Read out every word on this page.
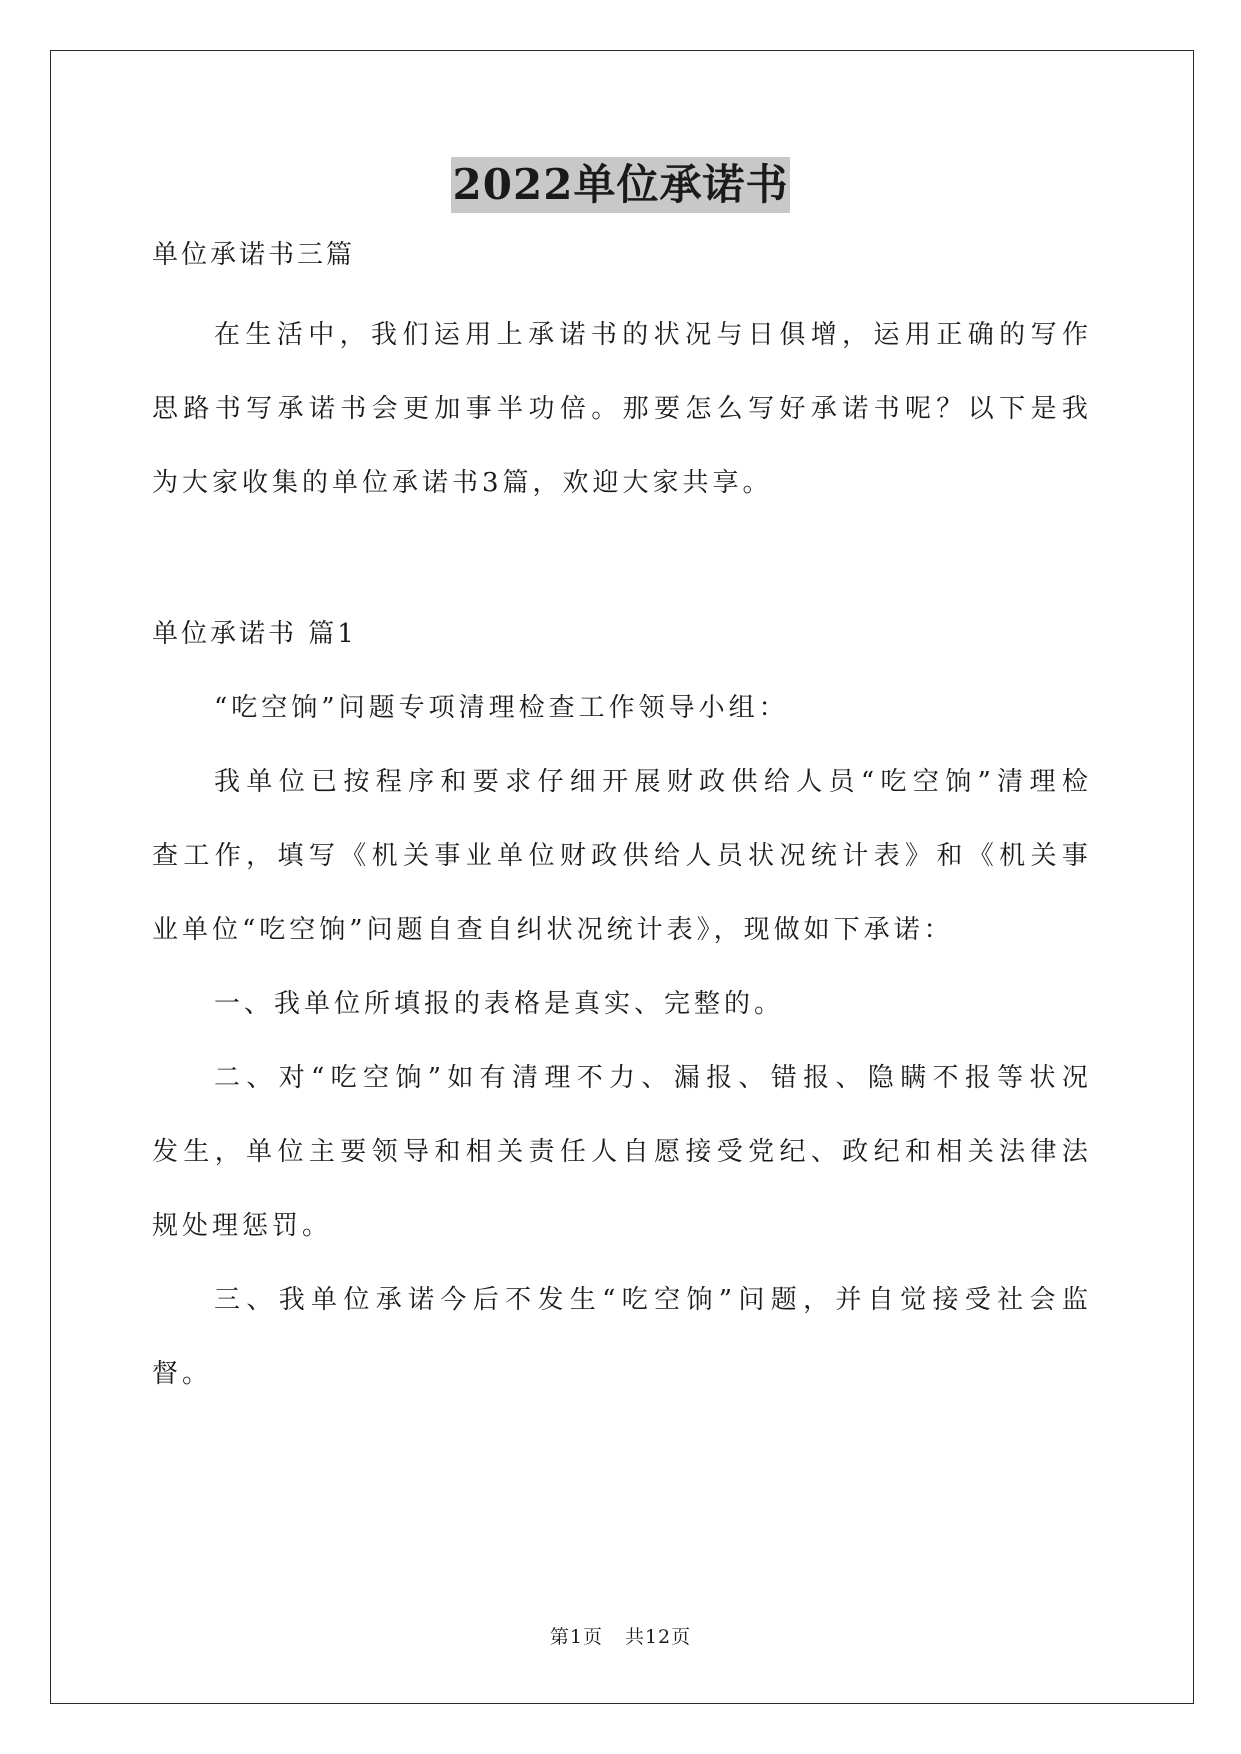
2022单位承诺书

单位承诺书三篇

在 生 活 中 ， 我 们 运 用 上 承 诺 书 的 状 况 与 日 俱 增 ， 运 用 正 确 的 写 作

思 路 书 写 承 诺 书 会 更 加 事 半 功 倍 。 那 要 怎 么 写 好 承 诺 书 呢 ？ 以 下 是 我

为大家收集的单位承诺书3篇，欢迎大家共享。

单位承诺书 篇1

“吃空饷”问题专项清理检查工作领导小组：

我 单 位 已 按 程 序 和 要 求 仔 细 开 展 财 政 供 给 人 员 “ 吃 空 饷 ” 清 理 检

查 工 作 ， 填 写 《 机 关 事 业 单 位 财 政 供 给 人 员 状 况 统 计 表 》 和 《 机 关 事

业单位“吃空饷”问题自查自纠状况统计表》，现做如下承诺：

一、我单位所填报的表格是真实、完整的。

二 、 对 “ 吃 空 饷 ” 如 有 清 理 不 力 、 漏 报 、 错 报 、 隐 瞒 不 报 等 状 况

发 生 ， 单 位 主 要 领 导 和 相 关 责 任 人 自 愿 接 受 党 纪 、 政 纪 和 相 关 法 律 法

规处理惩罚。

三 、 我 单 位 承 诺 今 后 不 发 生 “ 吃 空 饷 ” 问 题 ， 并 自 觉 接 受 社 会 监

督。

第1页 共12页
